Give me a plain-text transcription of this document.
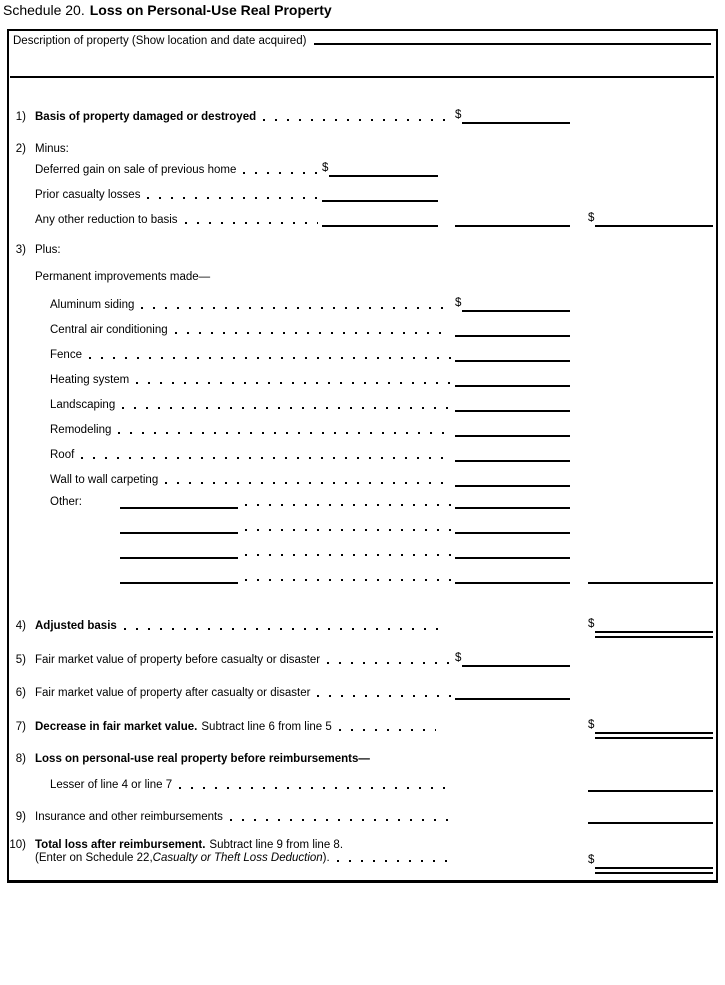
Schedule 20. Loss on Personal-Use Real Property
Description of property (Show location and date acquired)
1) Basis of property damaged or destroyed	$
2) Minus:
Deferred gain on sale of previous home	$
Prior casualty losses
Any other reduction to basis	$
3) Plus:
Permanent improvements made—
Aluminum siding	$
Central air conditioning
Fence
Heating system
Landscaping
Remodeling
Roof
Wall to wall carpeting
Other:
4) Adjusted basis	$
5) Fair market value of property before casualty or disaster	$
6) Fair market value of property after casualty or disaster
7) Decrease in fair market value. Subtract line 6 from line 5	$
8) Loss on personal-use real property before reimbursements—
Lesser of line 4 or line 7
9) Insurance and other reimbursements
10) Total loss after reimbursement. Subtract line 9 from line 8.
(Enter on Schedule 22, Casualty or Theft Loss Deduction ).	$
